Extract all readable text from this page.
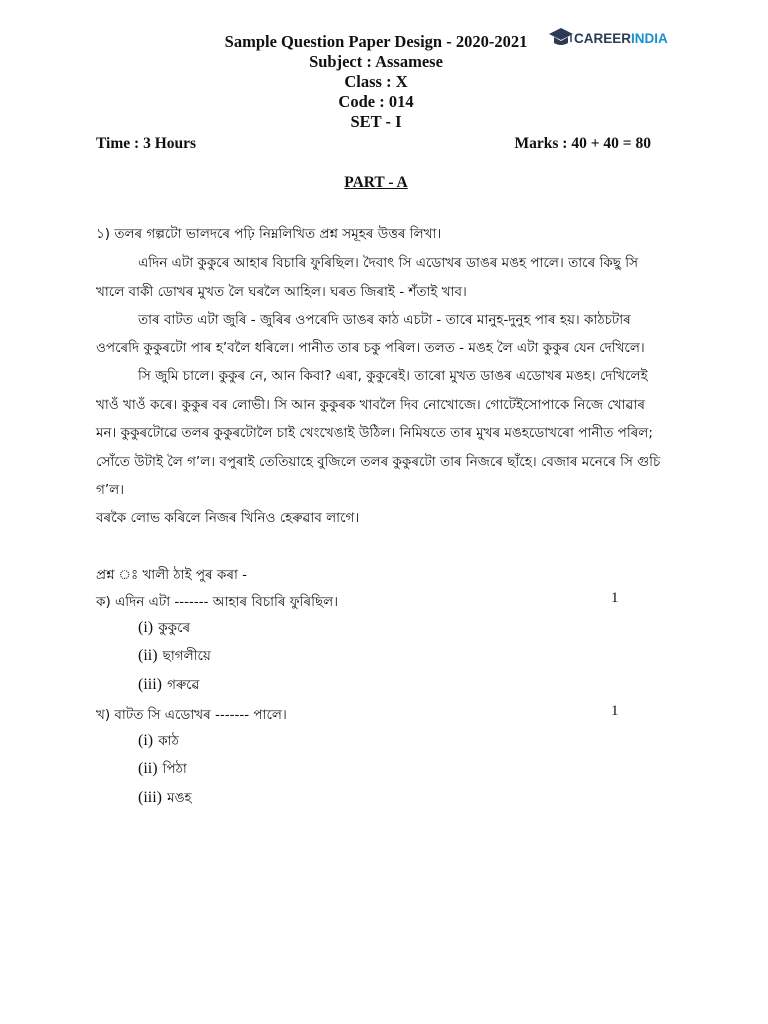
CAREERINDIA
Sample Question Paper Design - 2020-2021
Subject : Assamese
Class : X
Code : 014
SET - I
Time : 3 Hours	Marks : 40 + 40 = 80
PART - A
১) তলৰ গল্পটো ভালদৰে পঢ়ি নিম্নলিখিত প্ৰশ্ন সমূহৰ উত্তৰ লিখা।
এদিন এটা কুকুৰে আহাৰ বিচাৰি ফুৰিছিল। দৈবাৎ সি এডোখৰ ডাঙৰ মঙহ পালে। তাৰে কিছু সি
খালে বাকী ডোখৰ মুখত লৈ ঘৰলৈ আহিল। ঘৰত জিৰাই - শঁতাই খাব।
তাৰ বাটত এটা জুৰি - জুৰিৰ ওপৰেদি ডাঙৰ কাঠ এচটা - তাৰে মানুহ-দুনুহ পাৰ হয়। কাঠচটাৰ
ওপৰেদি কুকুৰটো পাৰ হ’বলৈ ধৰিলে। পানীত তাৰ চকু পৰিল। তলত - মঙহ লৈ এটা কুকুৰ যেন দেখিলে।
সি জুমি চালে। কুকুৰ নে, আন কিবা? এৰা, কুকুৰেই। তাৰো মুখত ডাঙৰ এডোখৰ মঙহ। দেখিলেই
খাওঁ খাওঁ কৰে। কুকুৰ বৰ লোভী। সি আন কুকুৰক খাবলৈ দিব নোখোজে। গোটেইসোপাকে নিজে খোৱাৰ
মন। কুকুৰটোৱে তলৰ কুকুৰটোলৈ চাই খেংখেঙাই উঠিল। নিমিষতে তাৰ মুখৰ মঙহডোখৰো পানীত পৰিল;
সোঁতে উটাই লৈ গ’ল। বপুৰাই তেতিয়াহে বুজিলে তলৰ কুকুৰটো তাৰ নিজৰে ছাঁহে। বেজাৰ মনেৰে সি গুচি
গ’ল।
বৰকৈ লোভ কৰিলে নিজৰ খিনিও হেৰুৱাব লাগে।
প্ৰশ্ন ঃ খালী ঠাই পুৰ কৰা -
ক) এদিন এটা ------- আহাৰ বিচাৰি ফুৰিছিল।	1
(i) কুকুৰে
(ii) ছাগলীয়ে
(iii) গৰুৱে
খ) বাটত সি এডোখৰ ------- পালে।	1
(i) কাঠ
(ii) পিঠা
(iii) মঙহ
